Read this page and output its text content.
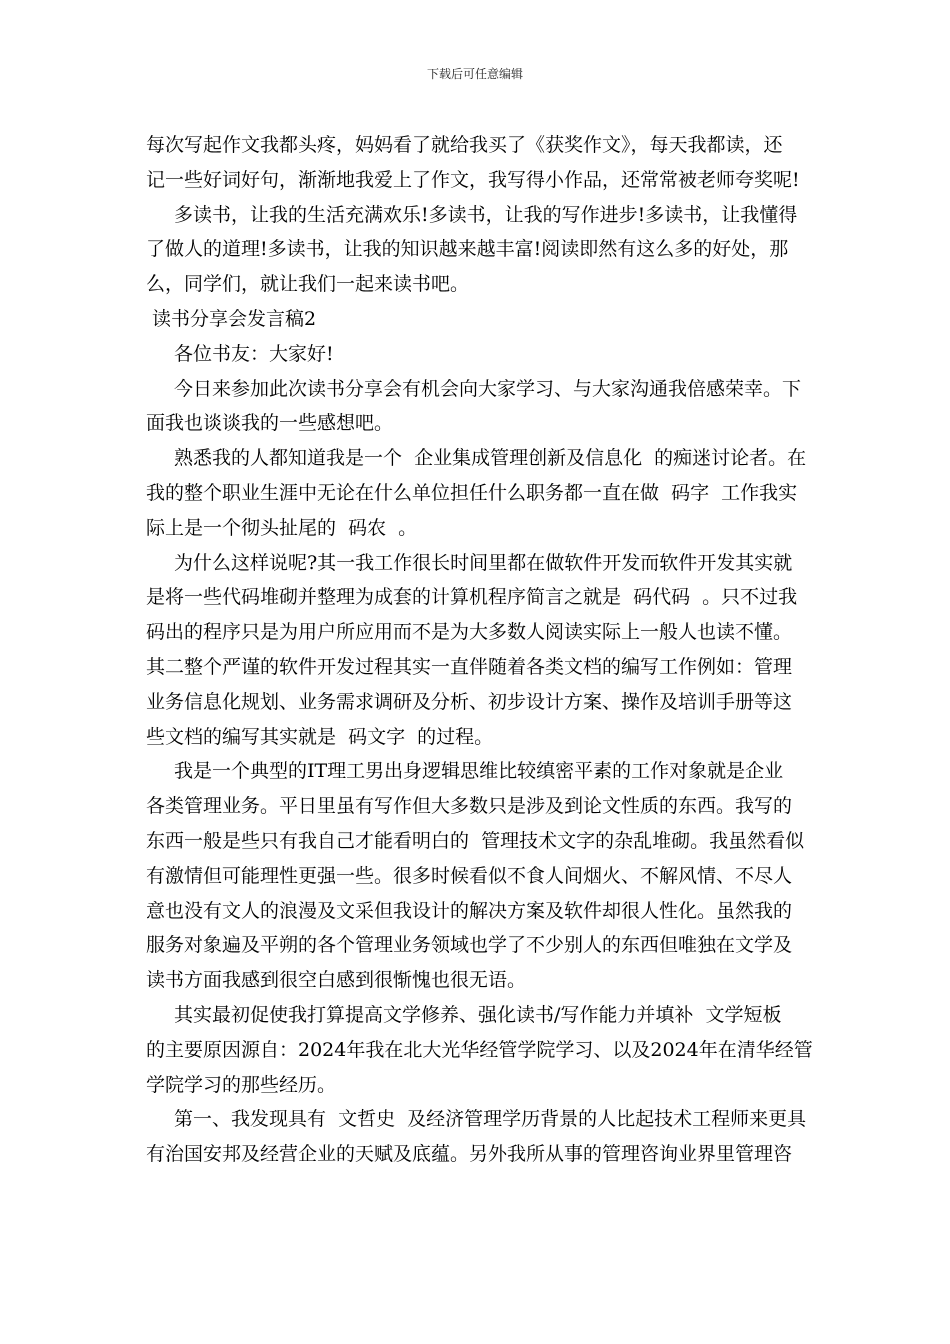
下载后可任意编辑
每次写起作文我都头疼，妈妈看了就给我买了《获奖作文》，每天我都读，还
记一些好词好句，渐渐地我爱上了作文，我写得小作品，还常常被老师夸奖呢!
多读书，让我的生活充满欢乐!多读书，让我的写作进步!多读书，让我懂得
了做人的道理!多读书，让我的知识越来越丰富!阅读即然有这么多的好处，那
么，同学们，就让我们一起来读书吧。
读书分享会发言稿2
各位书友：大家好!
今日来参加此次读书分享会有机会向大家学习、与大家沟通我倍感荣幸。下
面我也谈谈我的一些感想吧。
熟悉我的人都知道我是一个  企业集成管理创新及信息化  的痴迷讨论者。在
我的整个职业生涯中无论在什么单位担任什么职务都一直在做  码字  工作我实
际上是一个彻头扯尾的  码农  。
为什么这样说呢?其一我工作很长时间里都在做软件开发而软件开发其实就
是将一些代码堆砌并整理为成套的计算机程序简言之就是  码代码  。只不过我
码出的程序只是为用户所应用而不是为大多数人阅读实际上一般人也读不懂。
其二整个严谨的软件开发过程其实一直伴随着各类文档的编写工作例如：管理
业务信息化规划、业务需求调研及分析、初步设计方案、操作及培训手册等这
些文档的编写其实就是  码文字  的过程。
我是一个典型的IT理工男出身逻辑思维比较缜密平素的工作对象就是企业
各类管理业务。平日里虽有写作但大多数只是涉及到论文性质的东西。我写的
东西一般是些只有我自己才能看明白的  管理技术文字的杂乱堆砌。我虽然看似
有激情但可能理性更强一些。很多时候看似不食人间烟火、不解风情、不尽人
意也没有文人的浪漫及文采但我设计的解决方案及软件却很人性化。虽然我的
服务对象遍及平朔的各个管理业务领域也学了不少别人的东西但唯独在文学及
读书方面我感到很空白感到很惭愧也很无语。
其实最初促使我打算提高文学修养、强化读书/写作能力并填补  文学短板
的主要原因源自：2024年我在北大光华经管学院学习、以及2024年在清华经管
学院学习的那些经历。
第一、我发现具有  文哲史  及经济管理学历背景的人比起技术工程师来更具
有治国安邦及经营企业的天赋及底蕴。另外我所从事的管理咨询业界里管理咨
